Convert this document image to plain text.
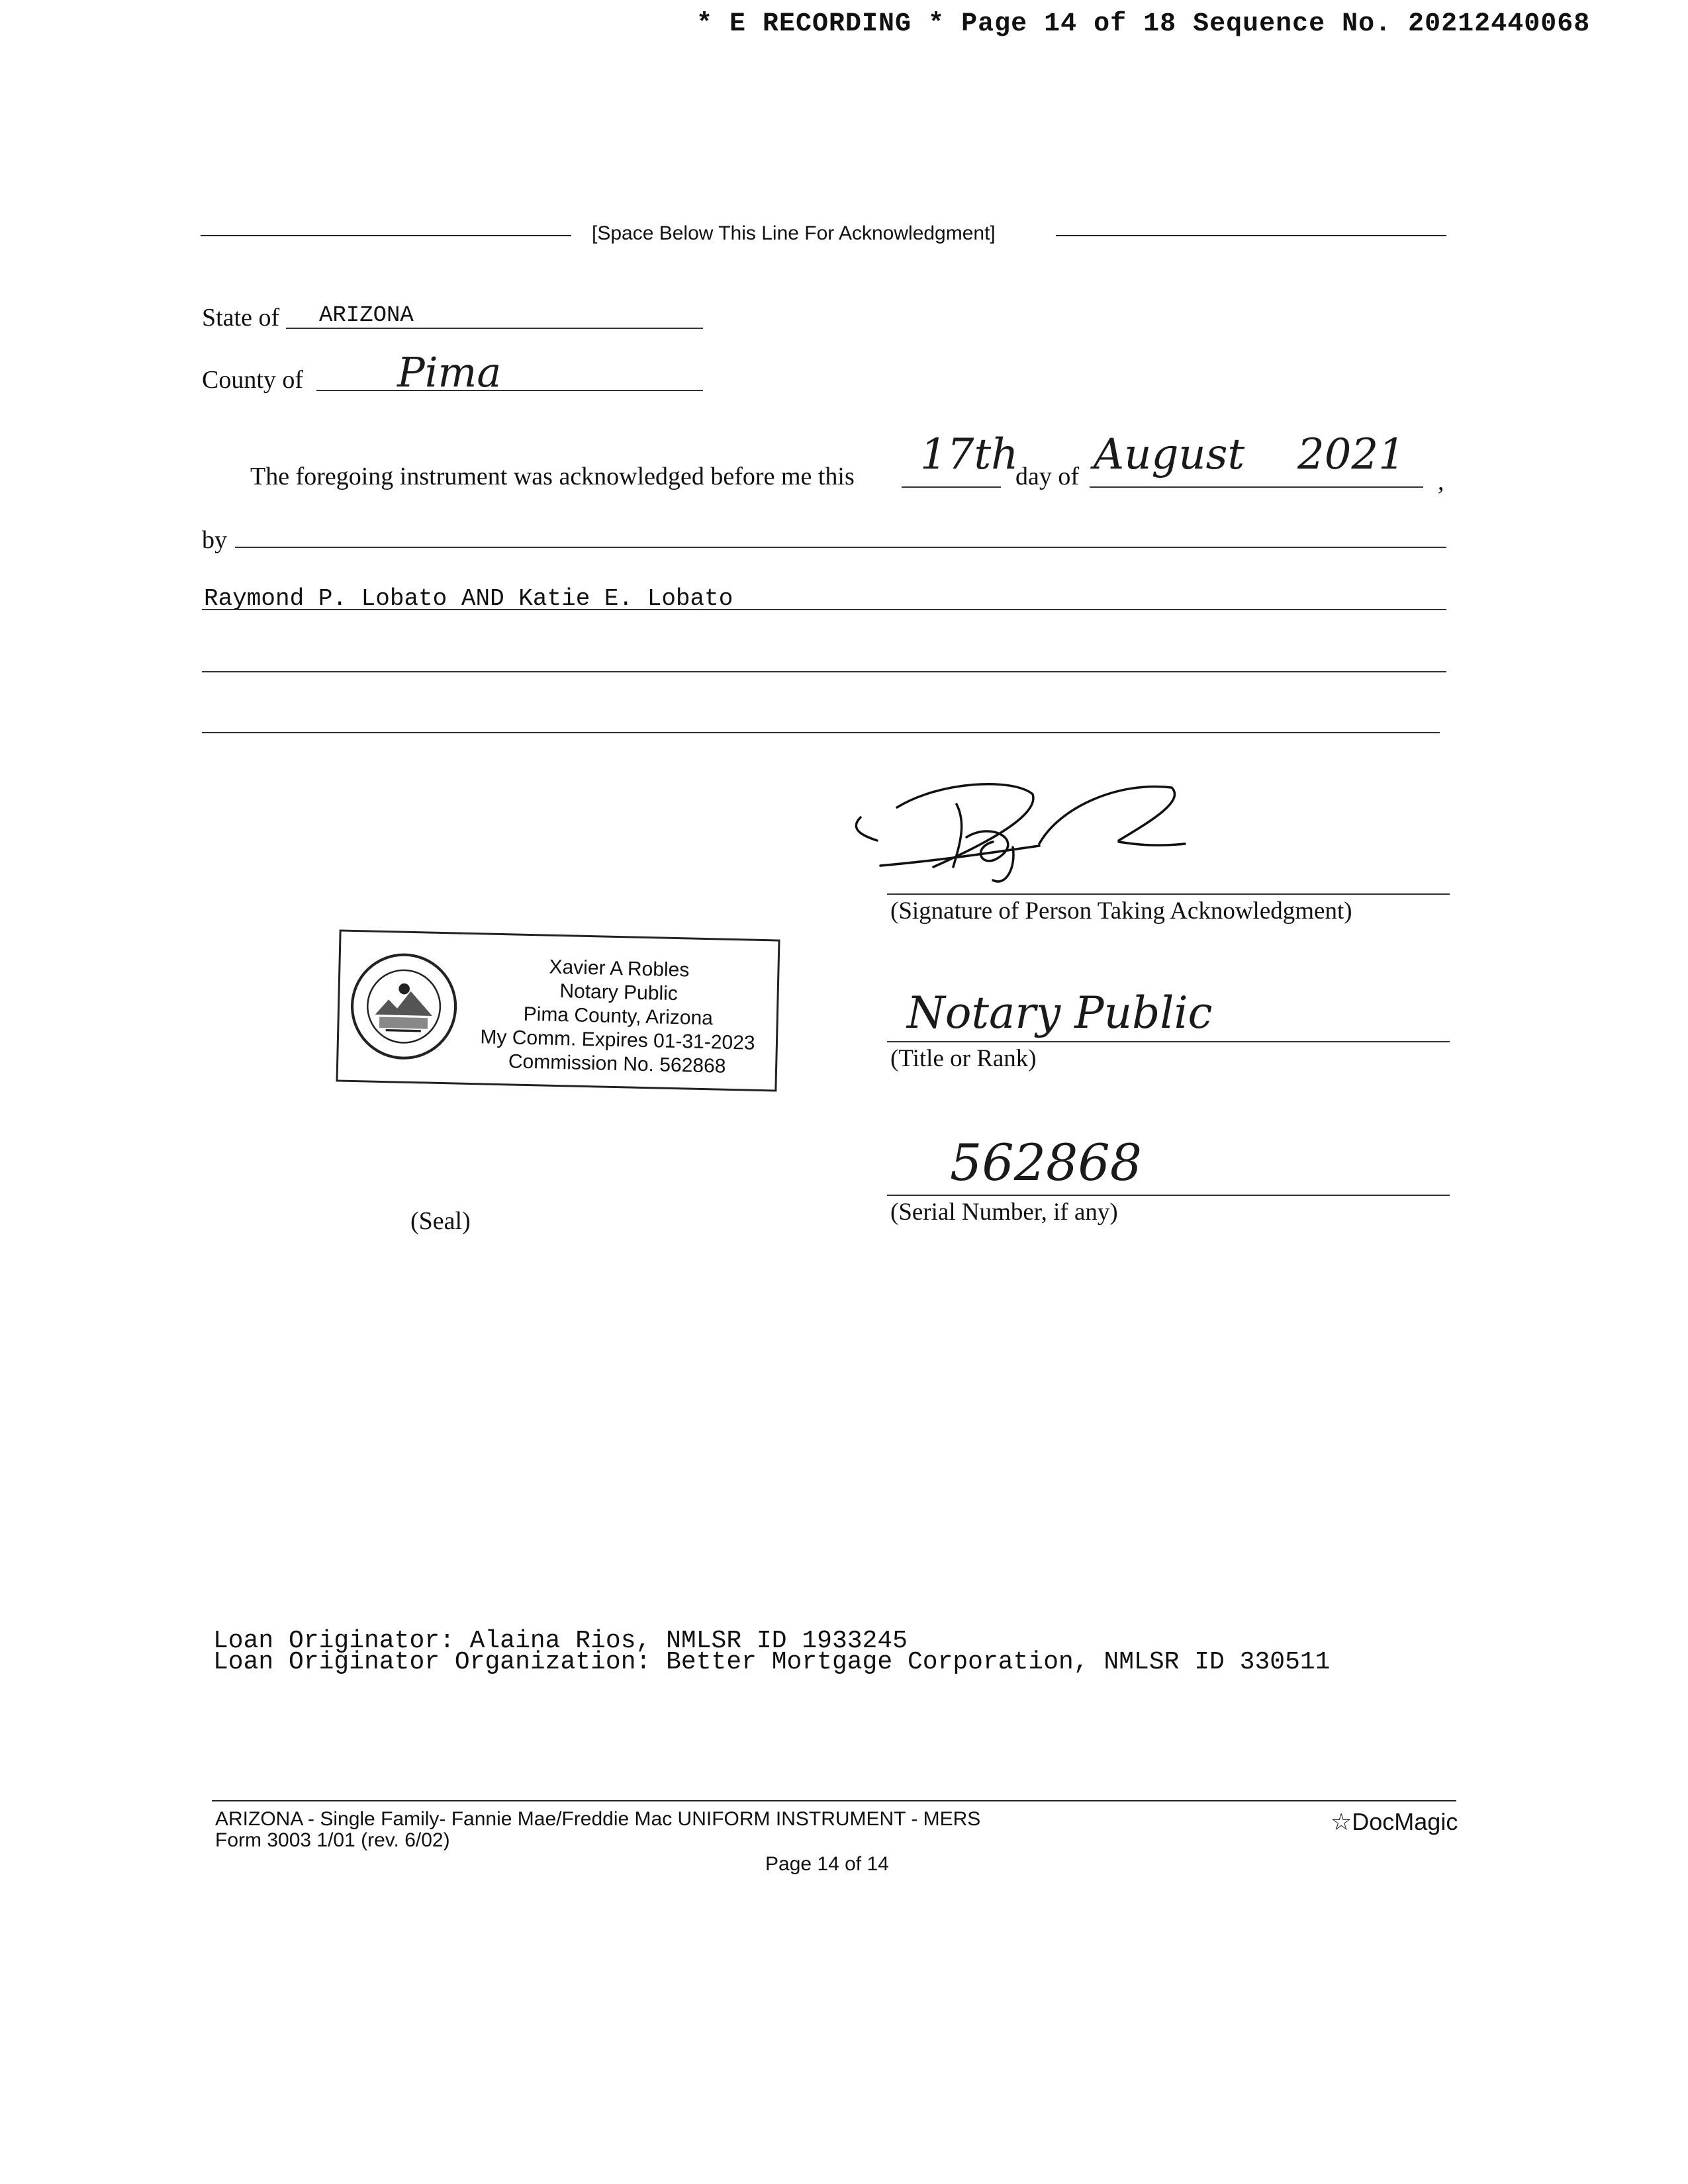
* E RECORDING * Page 14 of 18 Sequence No. 20212440068
[Space Below This Line For Acknowledgment]
State of ARIZONA
County of Pima
The foregoing instrument was acknowledged before me this 17th
day of August 2021
,
by
Raymond P. Lobato AND Katie E. Lobato
(Signature of Person Taking Acknowledgment)
Xavier A Robles
Notary Public
Pima County, Arizona
My Comm. Expires 01-31-2023
Commission No. 562868
Notary Public
(Title or Rank)
562868
(Serial Number, if any)
(Seal)
Loan Originator: Alaina Rios, NMLSR ID 1933245
Loan Originator Organization: Better Mortgage Corporation, NMLSR ID 330511
ARIZONA - Single Family- Fannie Mae/Freddie Mac UNIFORM INSTRUMENT - MERS
Form 3003 1/01 (rev. 6/02)
Page 14 of 14
☆DocMagic
